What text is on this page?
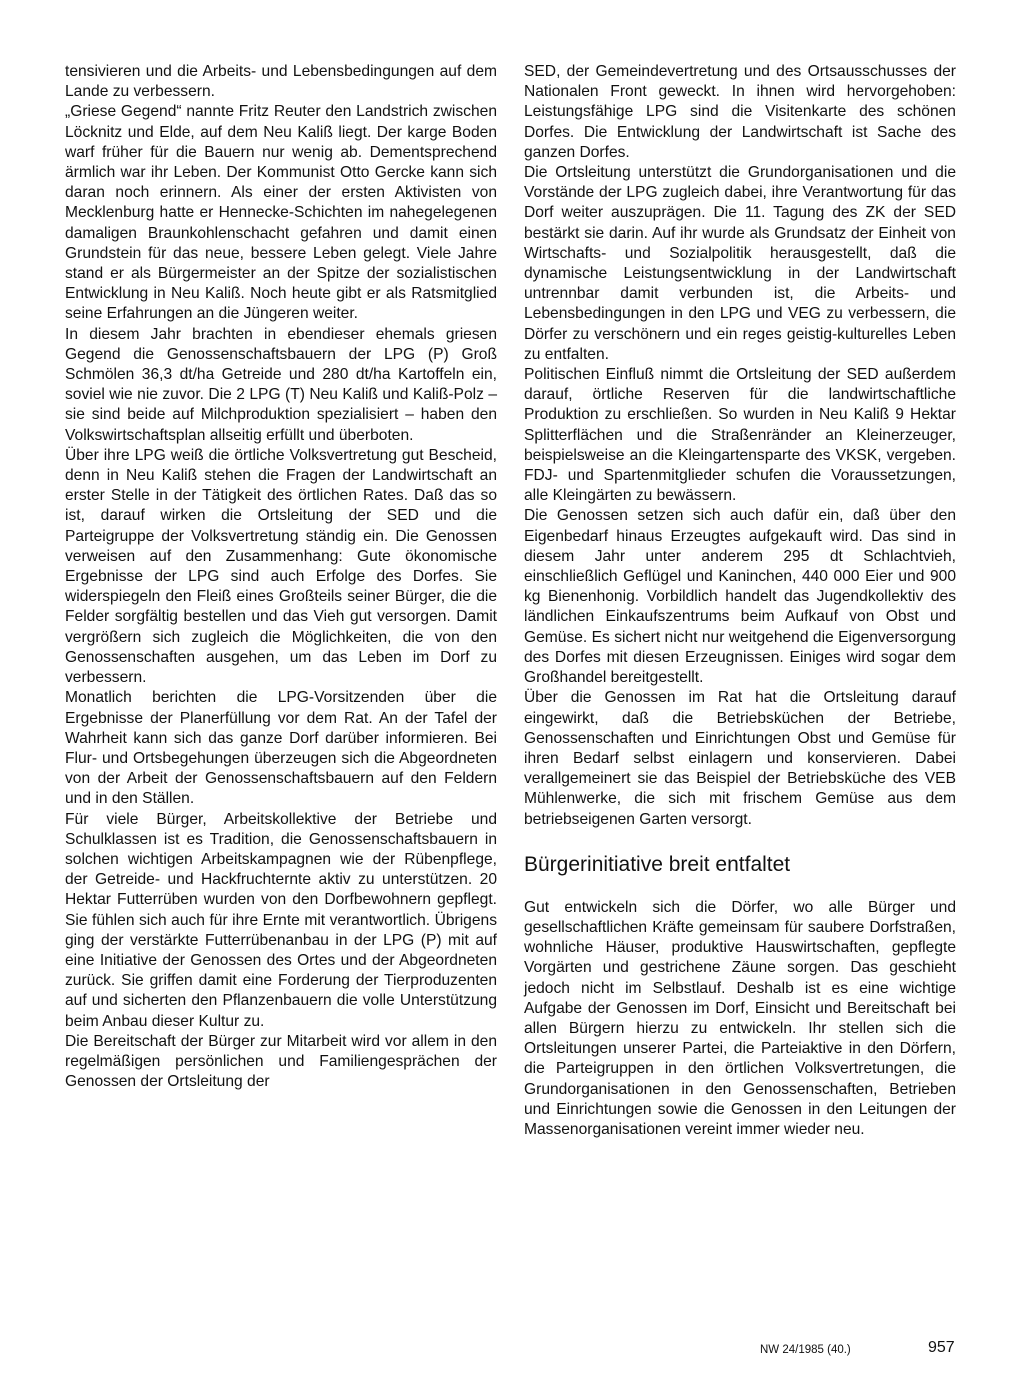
tensivieren und die Arbeits- und Lebensbedingungen auf dem Lande zu verbessern.

„Griese Gegend“ nannte Fritz Reuter den Landstrich zwischen Löcknitz und Elde, auf dem Neu Kaliß liegt. Der karge Boden warf früher für die Bauern nur wenig ab. Dementsprechend ärmlich war ihr Leben. Der Kommunist Otto Gercke kann sich daran noch erinnern. Als einer der ersten Aktivisten von Mecklenburg hatte er Hennecke-Schichten im nahegelegenen damaligen Braunkohlenschacht gefahren und damit einen Grundstein für das neue, bessere Leben gelegt. Viele Jahre stand er als Bürgermeister an der Spitze der sozialistischen Entwicklung in Neu Kaliß. Noch heute gibt er als Ratsmitglied seine Erfahrungen an die Jüngeren weiter.

In diesem Jahr brachten in ebendieser ehemals griesen Gegend die Genossenschaftsbauern der LPG (P) Groß Schmölen 36,3 dt/ha Getreide und 280 dt/ha Kartoffeln ein, soviel wie nie zuvor. Die 2 LPG (T) Neu Kaliß und Kaliß-Polz – sie sind beide auf Milchproduktion spezialisiert – haben den Volkswirtschaftsplan allseitig erfüllt und überboten.

Über ihre LPG weiß die örtliche Volksvertretung gut Bescheid, denn in Neu Kaliß stehen die Fragen der Landwirtschaft an erster Stelle in der Tätigkeit des örtlichen Rates. Daß das so ist, darauf wirken die Ortsleitung der SED und die Parteigruppe der Volksvertretung ständig ein. Die Genossen verweisen auf den Zusammenhang: Gute ökonomische Ergebnisse der LPG sind auch Erfolge des Dorfes. Sie widerspiegeln den Fleiß eines Großteils seiner Bürger, die die Felder sorgfältig bestellen und das Vieh gut versorgen. Damit vergrößern sich zugleich die Möglichkeiten, die von den Genossenschaften ausgehen, um das Leben im Dorf zu verbessern.

Monatlich berichten die LPG-Vorsitzenden über die Ergebnisse der Planerfüllung vor dem Rat. An der Tafel der Wahrheit kann sich das ganze Dorf darüber informieren. Bei Flur- und Ortsbegehungen überzeugen sich die Abgeordneten von der Arbeit der Genossenschaftsbauern auf den Feldern und in den Ställen.

Für viele Bürger, Arbeitskollektive der Betriebe und Schulklassen ist es Tradition, die Genossenschaftsbauern in solchen wichtigen Arbeitskampagnen wie der Rübenpflege, der Getreide- und Hackfruchternte aktiv zu unterstützen. 20 Hektar Futterrüben wurden von den Dorfbewohnern gepflegt. Sie fühlen sich auch für ihre Ernte mit verantwortlich. Übrigens ging der verstärkte Futterrübenanbau in der LPG (P) mit auf eine Initiative der Genossen des Ortes und der Abgeordneten zurück. Sie griffen damit eine Forderung der Tierproduzenten auf und sicherten den Pflanzenbauern die volle Unterstützung beim Anbau dieser Kultur zu.

Die Bereitschaft der Bürger zur Mitarbeit wird vor allem in den regelmäßigen persönlichen und Familiengesprächen der Genossen der Ortsleitung der

SED, der Gemeindevertretung und des Ortsausschusses der Nationalen Front geweckt. In ihnen wird hervorgehoben: Leistungsfähige LPG sind die Visitenkarte des schönen Dorfes. Die Entwicklung der Landwirtschaft ist Sache des ganzen Dorfes.

Die Ortsleitung unterstützt die Grundorganisationen und die Vorstände der LPG zugleich dabei, ihre Verantwortung für das Dorf weiter auszuprägen. Die 11. Tagung des ZK der SED bestärkt sie darin. Auf ihr wurde als Grundsatz der Einheit von Wirtschafts- und Sozialpolitik herausgestellt, daß die dynamische Leistungsentwicklung in der Landwirtschaft untrennbar damit verbunden ist, die Arbeits- und Lebensbedingungen in den LPG und VEG zu verbessern, die Dörfer zu verschönern und ein reges geistig-kulturelles Leben zu entfalten.

Politischen Einfluß nimmt die Ortsleitung der SED außerdem darauf, örtliche Reserven für die landwirtschaftliche Produktion zu erschließen. So wurden in Neu Kaliß 9 Hektar Splitterflächen und die Straßenränder an Kleinerzeuger, beispielsweise an die Kleingartensparte des VKSK, vergeben. FDJ- und Spartenmitglieder schufen die Voraussetzungen, alle Kleingärten zu bewässern.

Die Genossen setzen sich auch dafür ein, daß über den Eigenbedarf hinaus Erzeugtes aufgekauft wird. Das sind in diesem Jahr unter anderem 295 dt Schlachtvieh, einschließlich Geflügel und Kaninchen, 440 000 Eier und 900 kg Bienenhonig. Vorbildlich handelt das Jugendkollektiv des ländlichen Einkaufszentrums beim Aufkauf von Obst und Gemüse. Es sichert nicht nur weitgehend die Eigenversorgung des Dorfes mit diesen Erzeugnissen. Einiges wird sogar dem Großhandel bereitgestellt.

Über die Genossen im Rat hat die Ortsleitung darauf eingewirkt, daß die Betriebsküchen der Betriebe, Genossenschaften und Einrichtungen Obst und Gemüse für ihren Bedarf selbst einlagern und konservieren. Dabei verallgemeinert sie das Beispiel der Betriebsküche des VEB Mühlenwerke, die sich mit frischem Gemüse aus dem betriebseigenen Garten versorgt.

Bürgerinitiative breit entfaltet

Gut entwickeln sich die Dörfer, wo alle Bürger und gesellschaftlichen Kräfte gemeinsam für saubere Dorfstraßen, wohnliche Häuser, produktive Hauswirtschaften, gepflegte Vorgärten und gestrichene Zäune sorgen. Das geschieht jedoch nicht im Selbstlauf. Deshalb ist es eine wichtige Aufgabe der Genossen im Dorf, Einsicht und Bereitschaft bei allen Bürgern hierzu zu entwickeln. Ihr stellen sich die Ortsleitungen unserer Partei, die Parteiaktive in den Dörfern, die Parteigruppen in den örtlichen Volksvertretungen, die Grundorganisationen in den Genossenschaften, Betrieben und Einrichtungen sowie die Genossen in den Leitungen der Massenorganisationen vereint immer wieder neu.

NW 24/1985 (40.)	957
